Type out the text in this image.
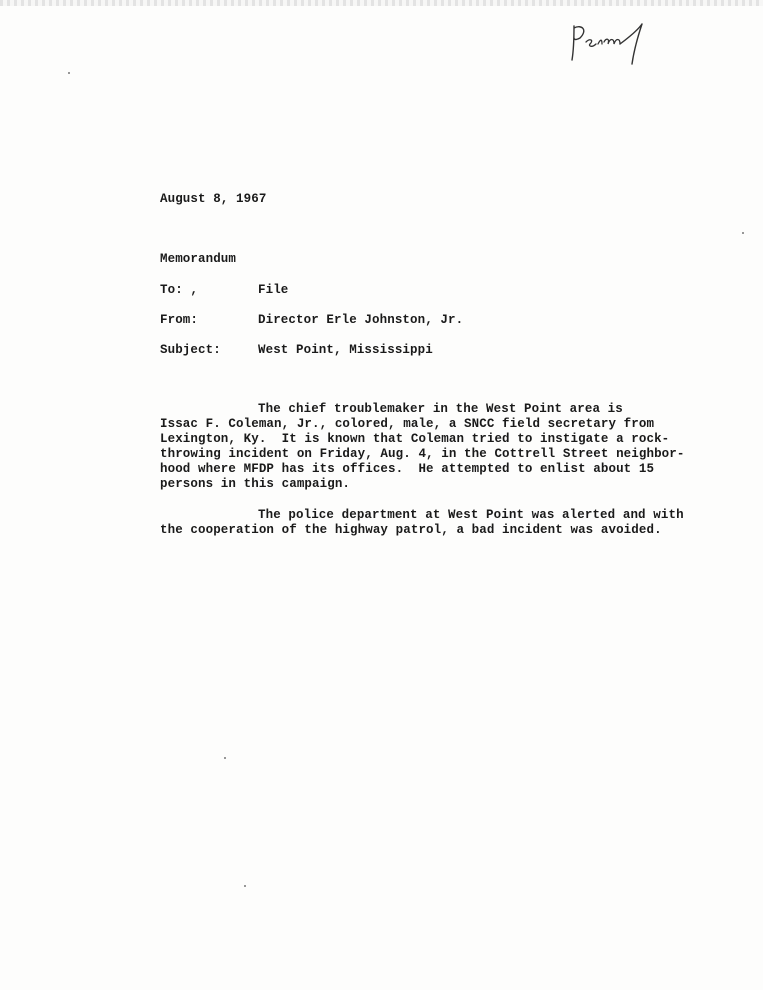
August 8, 1967
Memorandum
To: ,	File
From:	Director Erle Johnston, Jr.
Subject:	West Point, Mississippi
The chief troublemaker in the West Point area is
Issac F. Coleman, Jr., colored, male, a SNCC field secretary from
Lexington, Ky.  It is known that Coleman tried to instigate a rock-
throwing incident on Friday, Aug. 4, in the Cottrell Street neighbor-
hood where MFDP has its offices.  He attempted to enlist about 15
persons in this campaign.
The police department at West Point was alerted and with
the cooperation of the highway patrol, a bad incident was avoided.
